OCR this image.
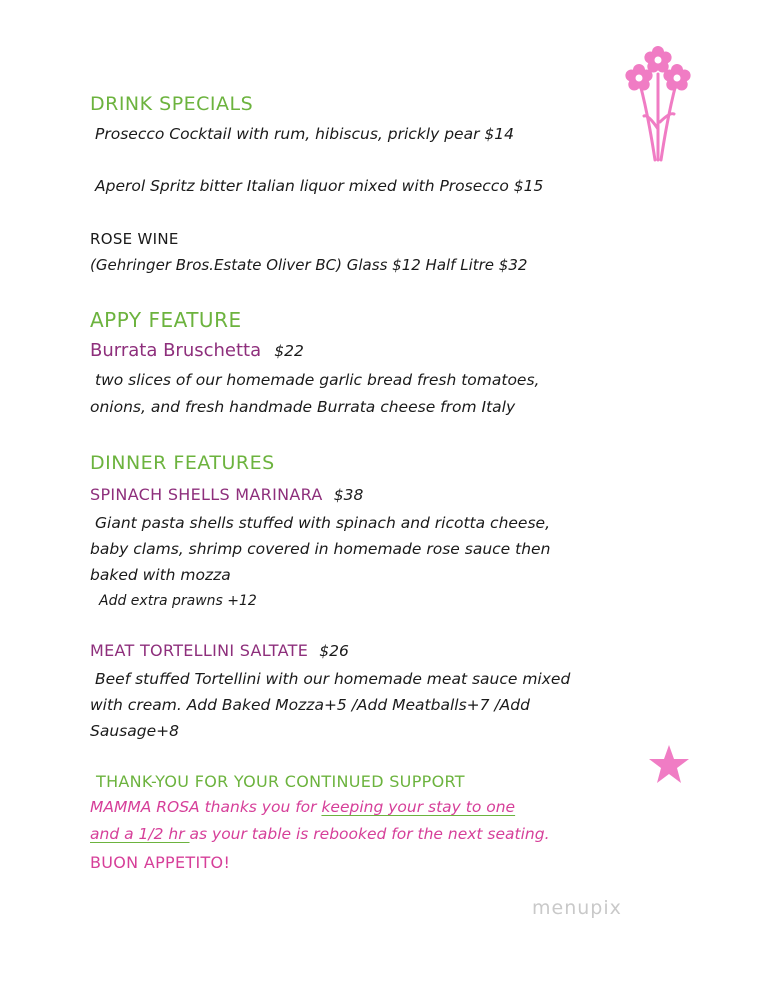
DRINK SPECIALS
Prosecco Cocktail with rum, hibiscus, prickly pear $14
Aperol Spritz bitter Italian liquor mixed with Prosecco $15
ROSE WINE
(Gehringer Bros.Estate Oliver BC) Glass $12 Half Litre $32
APPY FEATURE
Burrata Bruschetta $22
two slices of our homemade garlic bread fresh tomatoes,
onions, and fresh handmade Burrata cheese from Italy
DINNER FEATURES
SPINACH SHELLS MARINARA $38
Giant pasta shells stuffed with spinach and ricotta cheese,
baby clams, shrimp covered in homemade rose sauce then
baked with mozza
Add extra prawns +12
MEAT TORTELLINI SALTATE $26
Beef stuffed Tortellini with our homemade meat sauce mixed
with cream. Add Baked Mozza+5 /Add Meatballs+7 /Add
Sausage+8
THANK-YOU FOR YOUR CONTINUED SUPPORT
MAMMA ROSA thanks you for keeping your stay to one
and a 1/2 hr as your table is rebooked for the next seating.
BUON APPETITO!
menupix
